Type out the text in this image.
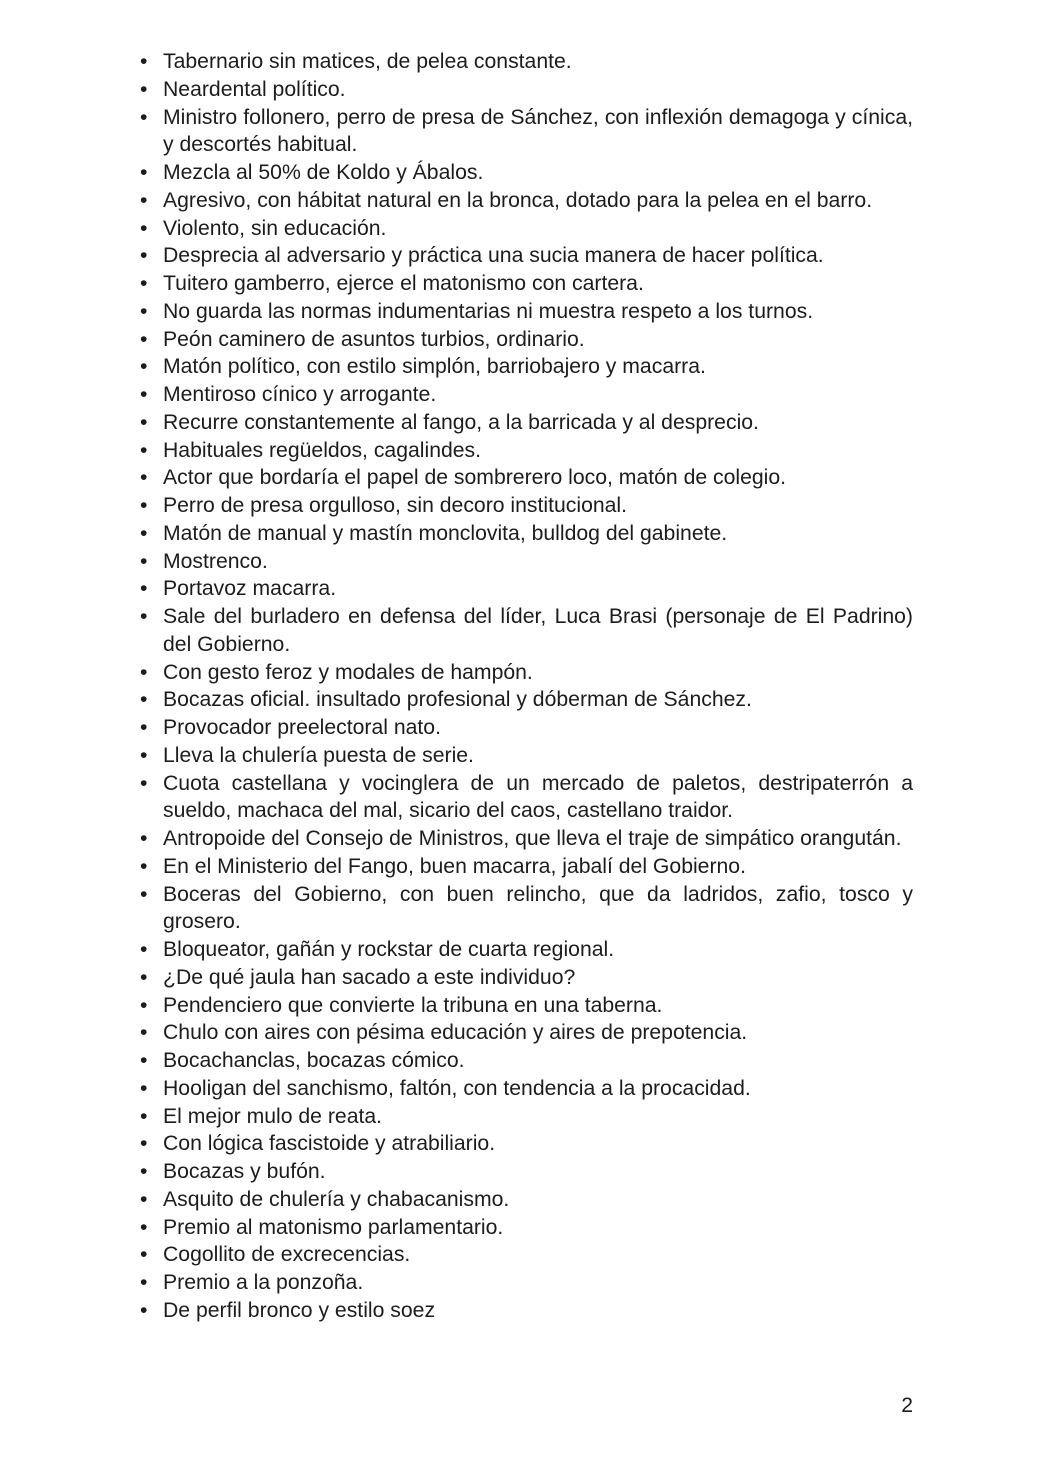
• Tabernario sin matices, de pelea constante.
• Neardental político.
• Ministro follonero, perro de presa de Sánchez, con inflexión demagoga y cínica, y descortés habitual.
• Mezcla al 50% de Koldo y Ábalos.
• Agresivo, con hábitat natural en la bronca, dotado para la pelea en el barro.
• Violento, sin educación.
• Desprecia al adversario y práctica una sucia manera de hacer política.
• Tuitero gamberro, ejerce el matonismo con cartera.
• No guarda las normas indumentarias ni muestra respeto a los turnos.
• Peón caminero de asuntos turbios, ordinario.
• Matón político, con estilo simplón, barriobajero y macarra.
• Mentiroso cínico y arrogante.
• Recurre constantemente al fango, a la barricada y al desprecio.
• Habituales regüeldos, cagalindes.
• Actor que bordaría el papel de sombrerero loco, matón de colegio.
• Perro de presa orgulloso, sin decoro institucional.
• Matón de manual y mastín monclovita, bulldog del gabinete.
• Mostrenco.
• Portavoz macarra.
• Sale del burladero en defensa del líder, Luca Brasi (personaje de El Padrino) del Gobierno.
• Con gesto feroz y modales de hampón.
• Bocazas oficial. insultado profesional y dóberman de Sánchez.
• Provocador preelectoral nato.
• Lleva la chulería puesta de serie.
• Cuota castellana y vocinglera de un mercado de paletos, destripaterrón a sueldo, machaca del mal, sicario del caos, castellano traidor.
• Antropoide del Consejo de Ministros, que lleva el traje de simpático orangután.
• En el Ministerio del Fango, buen macarra, jabalí del Gobierno.
• Boceras del Gobierno, con buen relincho, que da ladridos, zafio, tosco y grosero.
• Bloqueator, gañán y rockstar de cuarta regional.
• ¿De qué jaula han sacado a este individuo?
• Pendenciero que convierte la tribuna en una taberna.
• Chulo con aires con pésima educación y aires de prepotencia.
• Bocachanclas, bocazas cómico.
• Hooligan del sanchismo, faltón, con tendencia a la procacidad.
• El mejor mulo de reata.
• Con lógica fascistoide y atrabiliario.
• Bocazas y bufón.
• Asquito de chulería y chabacanismo.
• Premio al matonismo parlamentario.
• Cogollito de excrecencias.
• Premio a la ponzoña.
• De perfil bronco y estilo soez
2
